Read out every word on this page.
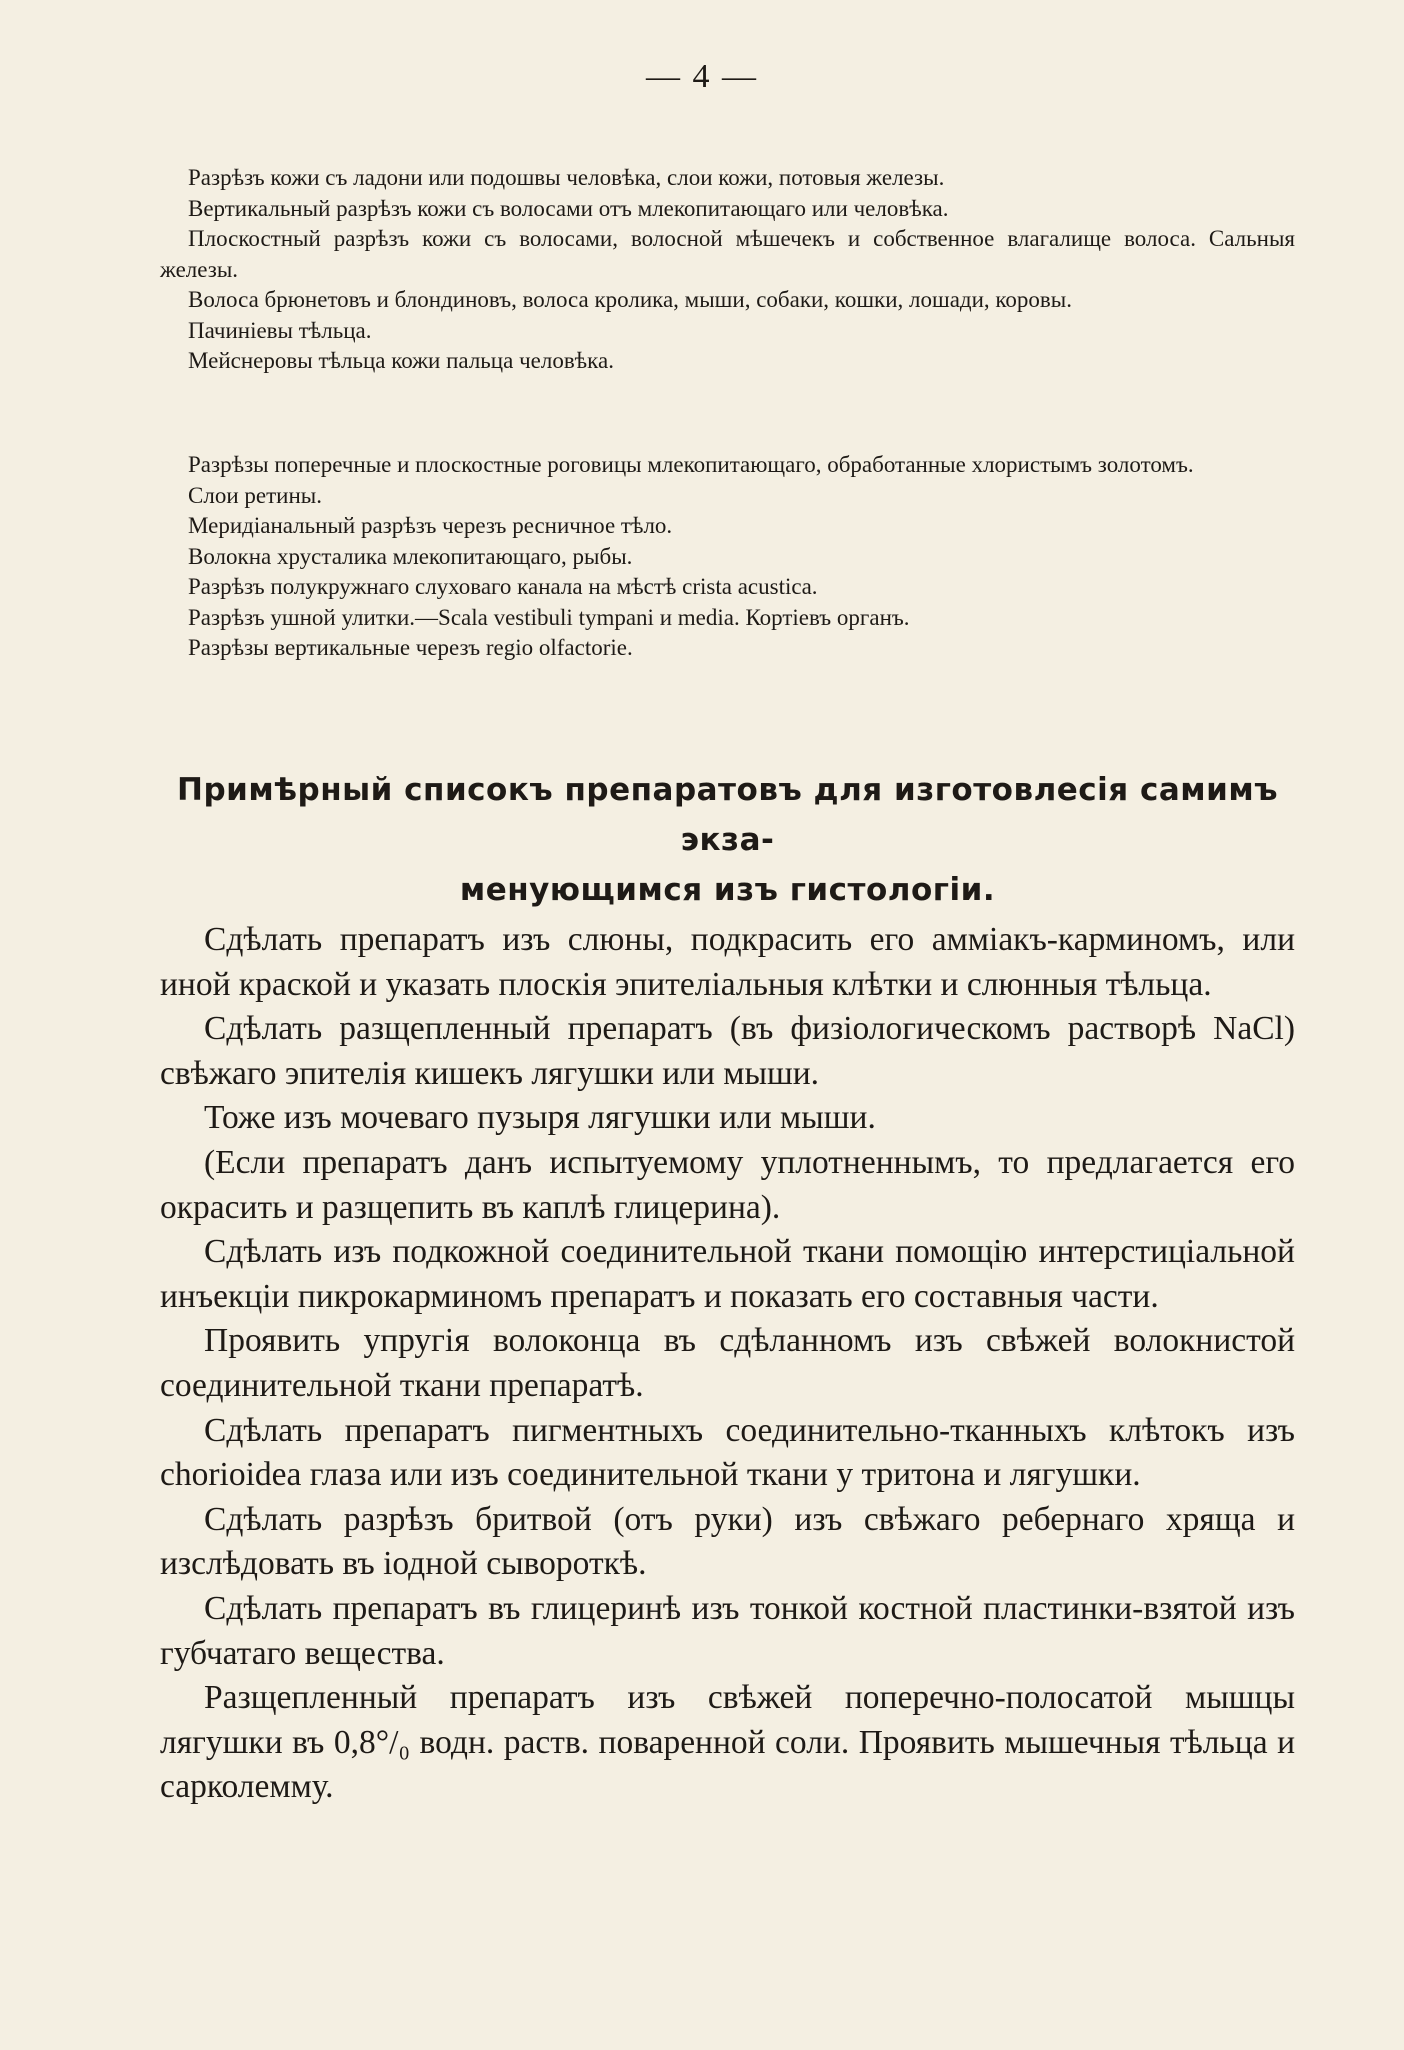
— 4 —

Разрѣзъ кожи съ ладони или подошвы человѣка, слои кожи, потовыя железы.

Вертикальный разрѣзъ кожи съ волосами отъ млекопитающаго или человѣка.

Плоскостный разрѣзъ кожи съ волосами, волосной мѣшечекъ и собственное влагалище волоса. Сальныя железы.

Волоса брюнетовъ и блондиновъ, волоса кролика, мыши, собаки, кошки, лошади, коровы.

Пачиніевы тѣльца.

Мейснеровы тѣльца кожи пальца человѣка.

Разрѣзы поперечные и плоскостные роговицы млекопитающаго, обработанные хлористымъ золотомъ.

Слои ретины.

Меридіанальный разрѣзъ черезъ ресничное тѣло.

Волокна хрусталика млекопитающаго, рыбы.

Разрѣзъ полукружнаго слуховаго канала на мѣстѣ crista acustica.

Разрѣзъ ушной улитки.—Scala vestibuli tympani и media. Кортіевъ органъ.

Разрѣзы вертикальные черезъ regio olfactorie.

Примѣрный списокъ препаратовъ для изготовлесія самимъ экза-

менующимся изъ гистологіи.

Сдѣлать препаратъ изъ слюны, подкрасить его амміакъ-карминомъ, или иной краской и указать плоскія эпителіальныя клѣтки и слюнныя тѣльца.

Сдѣлать разщепленный препаратъ (въ физіологическомъ растворѣ NaCl) свѣжаго эпителія кишекъ лягушки или мыши.

Тоже изъ мочеваго пузыря лягушки или мыши.

(Если препаратъ данъ испытуемому уплотненнымъ, то предлагается его окрасить и разщепить въ каплѣ глицерина).

Сдѣлать изъ подкожной соединительной ткани помощію интерстиціальной инъекціи пикрокарминомъ препаратъ и показать его составныя части.

Проявить упругія волоконца въ сдѣланномъ изъ свѣжей волокнистой соединительной ткани препаратѣ.

Сдѣлать препаратъ пигментныхъ соединительно-тканныхъ клѣтокъ изъ chorioidea глаза или изъ соединительной ткани у тритона и лягушки.

Сдѣлать разрѣзъ бритвой (отъ руки) изъ свѣжаго ребернаго хряща и изслѣдовать въ іодной сывороткѣ.

Сдѣлать препаратъ въ глицеринѣ изъ тонкой костной пластинки-взятой изъ губчатаго вещества.

Разщепленный препаратъ изъ свѣжей поперечно-полосатой мышцы лягушки въ 0,8°/₀ водн. раств. поваренной соли. Проявить мышечныя тѣльца и сарколемму.
